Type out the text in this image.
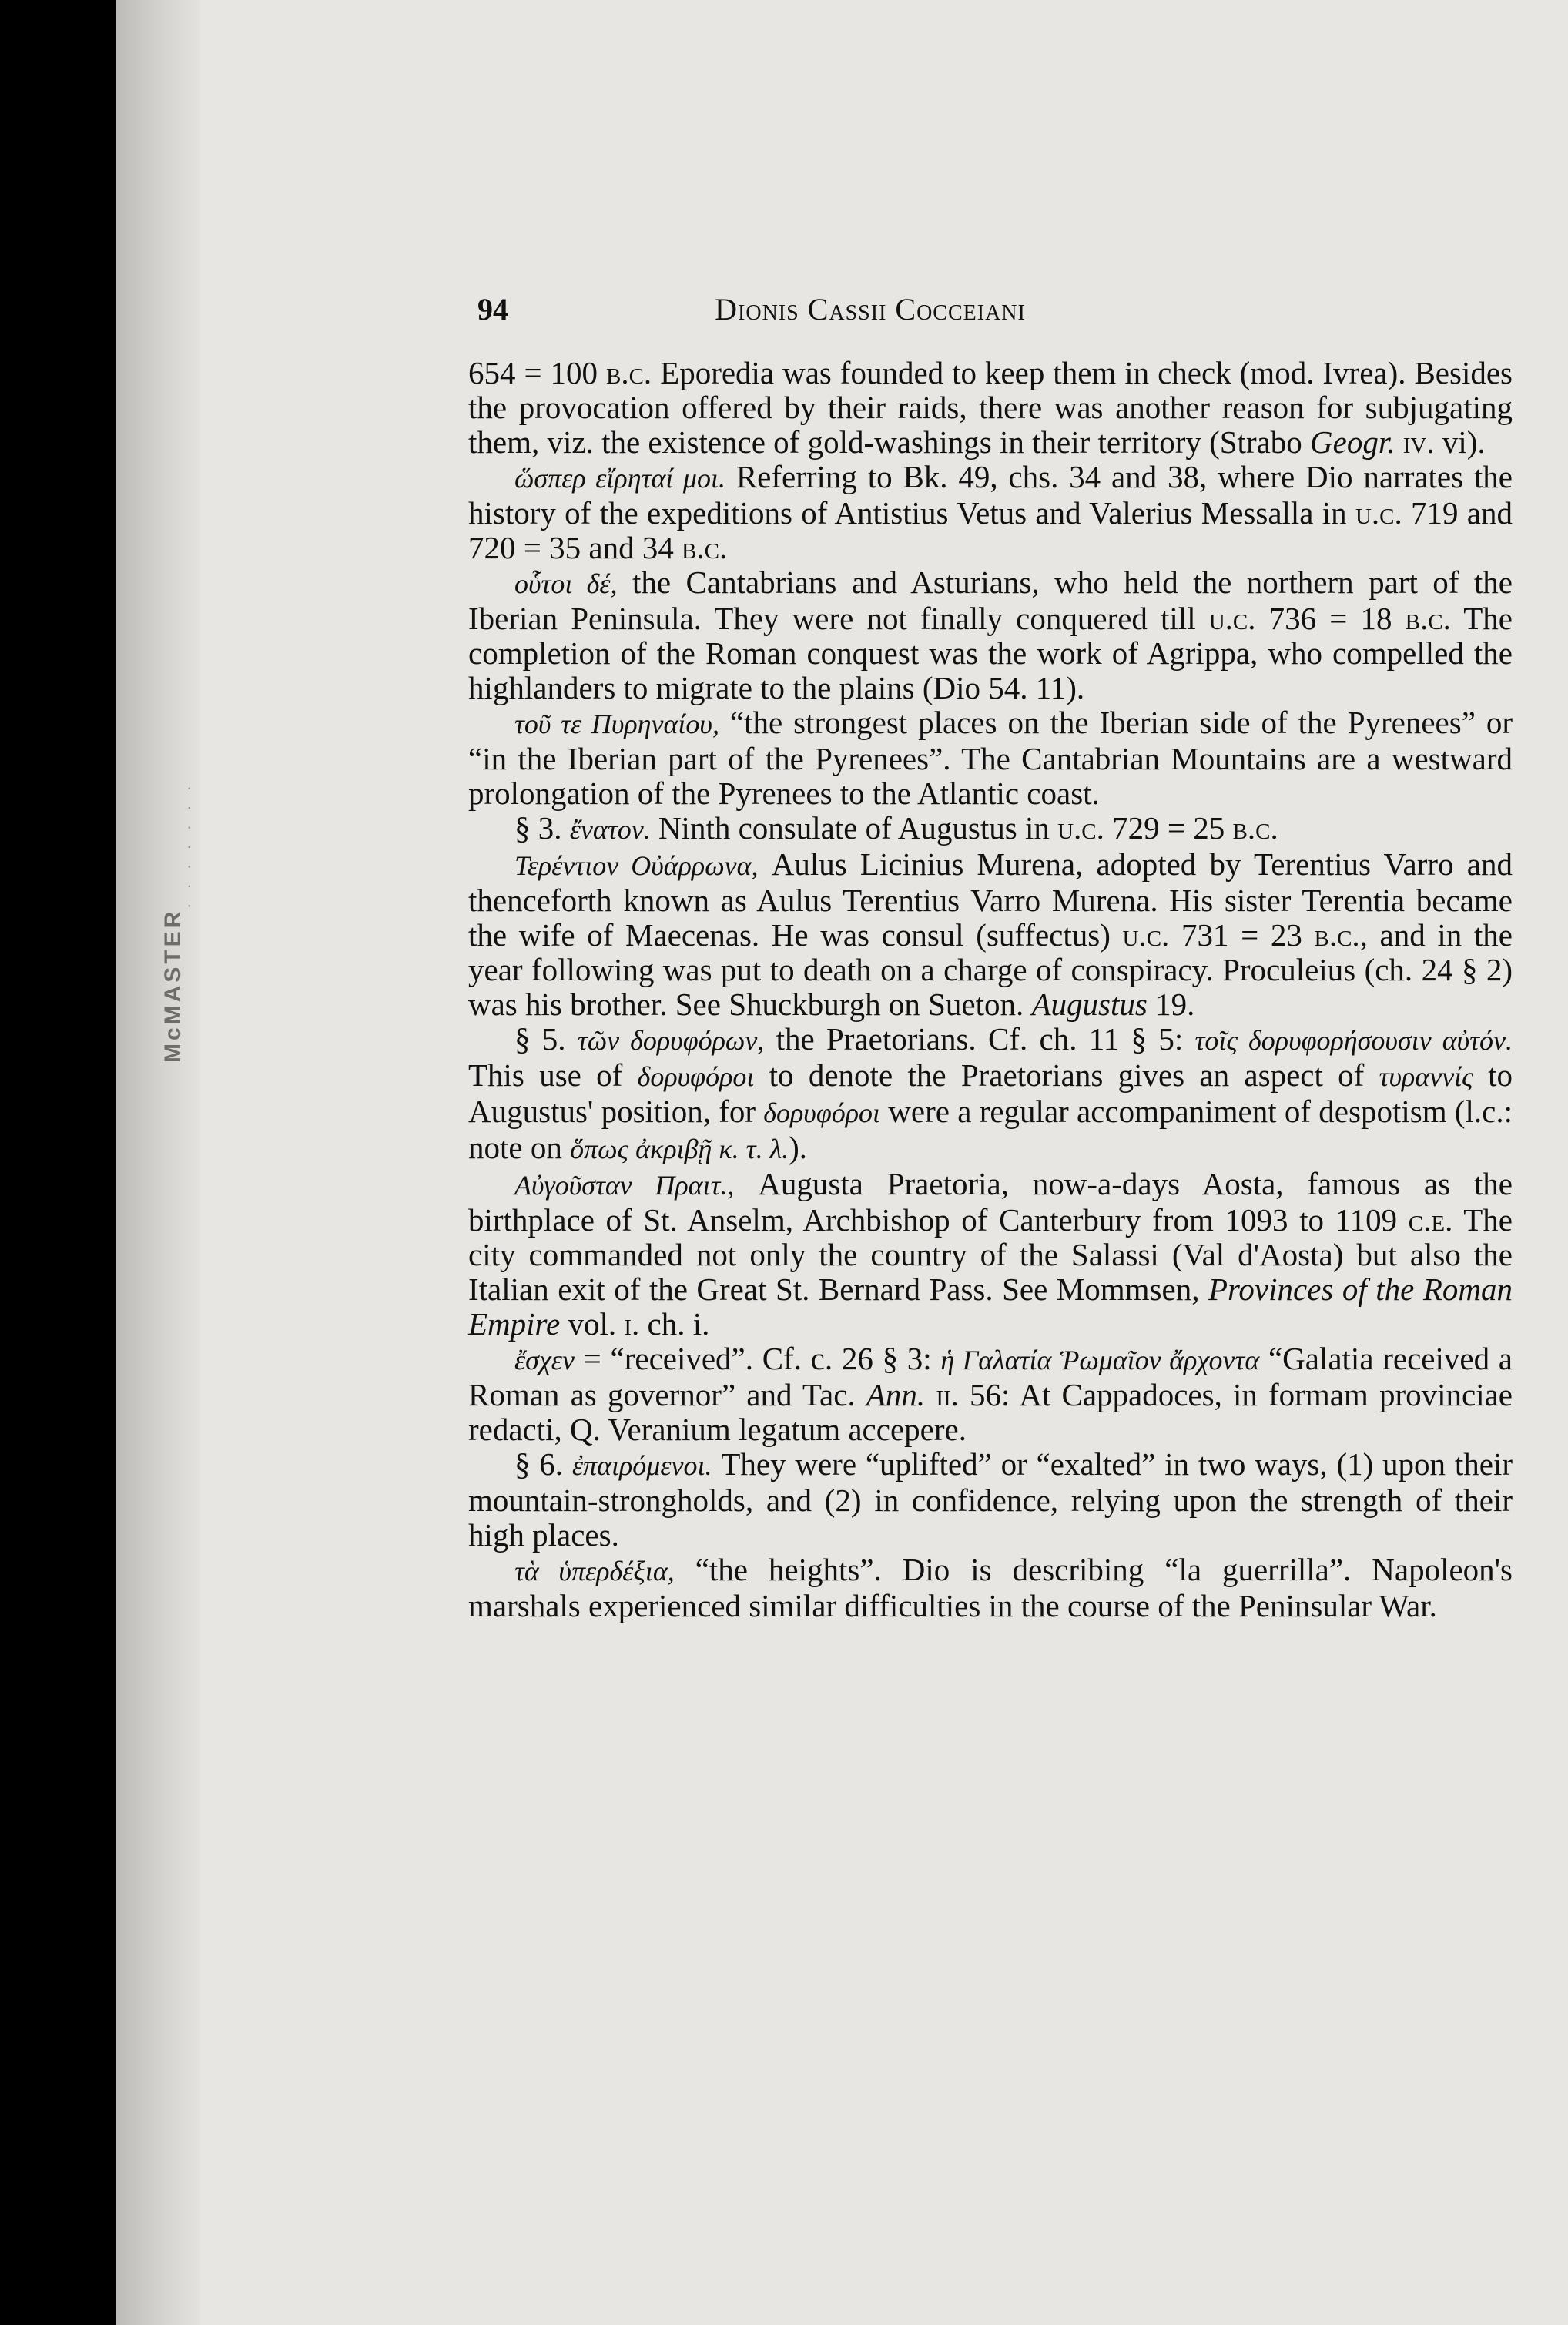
McMASTER
· · · · · · ·
94	Dionis Cassii Cocceiani

654 = 100 b.c. Eporedia was founded to keep them in check (mod. Ivrea). Besides the provocation offered by their raids, there was another reason for subjugating them, viz. the existence of gold-washings in their territory (Strabo Geogr. iv. vi).

ὥσπερ εἴρηταί μοι. Referring to Bk. 49, chs. 34 and 38, where Dio narrates the history of the expeditions of Antistius Vetus and Valerius Messalla in u.c. 719 and 720 = 35 and 34 b.c.

οὗτοι δέ, the Cantabrians and Asturians, who held the northern part of the Iberian Peninsula. They were not finally conquered till u.c. 736 = 18 b.c. The completion of the Roman conquest was the work of Agrippa, who compelled the highlanders to migrate to the plains (Dio 54. 11).

τοῦ τε Πυρηναίου, “the strongest places on the Iberian side of the Pyrenees” or “in the Iberian part of the Pyrenees”. The Cantabrian Mountains are a westward prolongation of the Pyrenees to the Atlantic coast.

§ 3. ἔνατον. Ninth consulate of Augustus in u.c. 729 = 25 b.c.

Τερέντιον Οὐάρρωνα, Aulus Licinius Murena, adopted by Terentius Varro and thenceforth known as Aulus Terentius Varro Murena. His sister Terentia became the wife of Maecenas. He was consul (suffectus) u.c. 731 = 23 b.c., and in the year following was put to death on a charge of conspiracy. Proculeius (ch. 24 § 2) was his brother. See Shuckburgh on Sueton. Augustus 19.

§ 5. τῶν δορυφόρων, the Praetorians. Cf. ch. 11 § 5: τοῖς δορυφορήσουσιν αὐτόν. This use of δορυφόροι to denote the Praetorians gives an aspect of τυραννίς to Augustus' position, for δορυφόροι were a regular accompaniment of despotism (l.c.: note on ὅπως ἀκριβῇ κ. τ. λ.).

Αὐγοῦσταν Πραιτ., Augusta Praetoria, now-a-days Aosta, famous as the birthplace of St. Anselm, Archbishop of Canterbury from 1093 to 1109 c.e. The city commanded not only the country of the Salassi (Val d'Aosta) but also the Italian exit of the Great St. Bernard Pass. See Mommsen, Provinces of the Roman Empire vol. i. ch. i.

ἔσχεν = “received”. Cf. c. 26 § 3: ἡ Γαλατία Ῥωμαῖον ἄρχοντα “Galatia received a Roman as governor” and Tac. Ann. ii. 56: At Cappadoces, in formam provinciae redacti, Q. Veranium legatum accepere.

§ 6. ἐπαιρόμενοι. They were “uplifted” or “exalted” in two ways, (1) upon their mountain-strongholds, and (2) in confidence, relying upon the strength of their high places.

τὰ ὑπερδέξια, “the heights”. Dio is describing “la guerrilla”. Napoleon's marshals experienced similar difficulties in the course of the Peninsular War.
